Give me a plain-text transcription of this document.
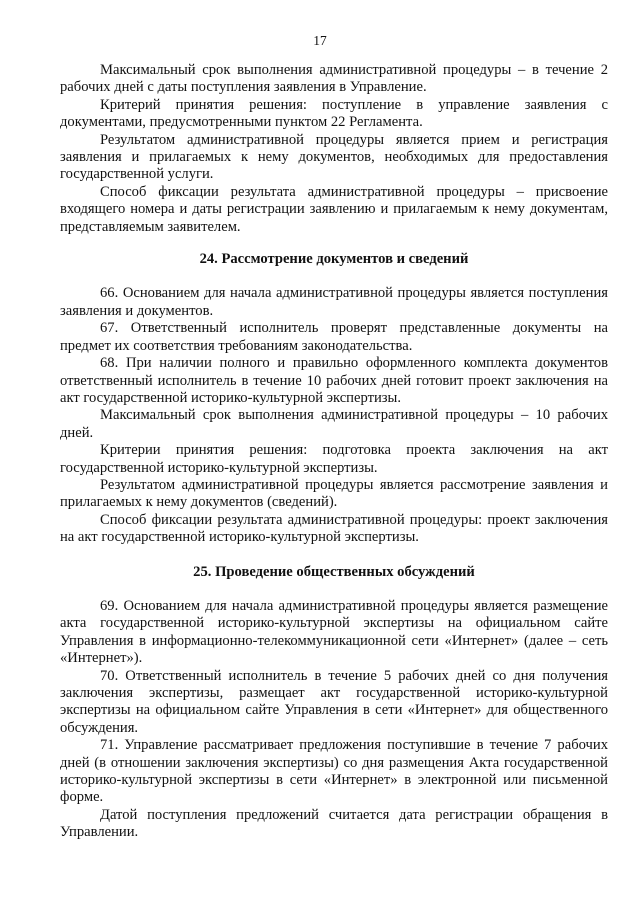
17

Максимальный срок выполнения административной процедуры – в течение 2 рабочих дней с даты поступления заявления в Управление.

Критерий принятия решения: поступление в управление заявления с документами, предусмотренными пунктом 22 Регламента.

Результатом административной процедуры является прием и регистрация заявления и прилагаемых к нему документов, необходимых для предоставления государственной услуги.

Способ фиксации результата административной процедуры – присвоение входящего номера и даты регистрации заявлению и прилагаемым к нему документам, представляемым заявителем.

24. Рассмотрение документов и сведений

66. Основанием для начала административной процедуры является поступления заявления и документов.

67. Ответственный исполнитель проверят представленные документы на предмет их соответствия требованиям законодательства.

68. При наличии полного и правильно оформленного комплекта документов ответственный исполнитель в течение 10 рабочих дней готовит проект заключения на акт государственной историко-культурной экспертизы.

Максимальный срок выполнения административной процедуры – 10 рабочих дней.

Критерии принятия решения: подготовка проекта заключения на акт государственной историко-культурной экспертизы.

Результатом административной процедуры является рассмотрение заявления и прилагаемых к нему документов (сведений).

Способ фиксации результата административной процедуры: проект заключения на акт государственной историко-культурной экспертизы.

25. Проведение общественных обсуждений

69. Основанием для начала административной процедуры является размещение акта государственной историко-культурной экспертизы на официальном сайте Управления в информационно-телекоммуникационной сети «Интернет» (далее – сеть «Интернет»).

70. Ответственный исполнитель в течение 5 рабочих дней со дня получения заключения экспертизы, размещает акт государственной историко-культурной экспертизы на официальном сайте Управления в сети «Интернет» для общественного обсуждения.

71. Управление рассматривает предложения поступившие в течение 7 рабочих дней (в отношении заключения экспертизы) со дня размещения Акта государственной историко-культурной экспертизы в сети «Интернет» в электронной или письменной форме.

Датой поступления предложений считается дата регистрации обращения в Управлении.
